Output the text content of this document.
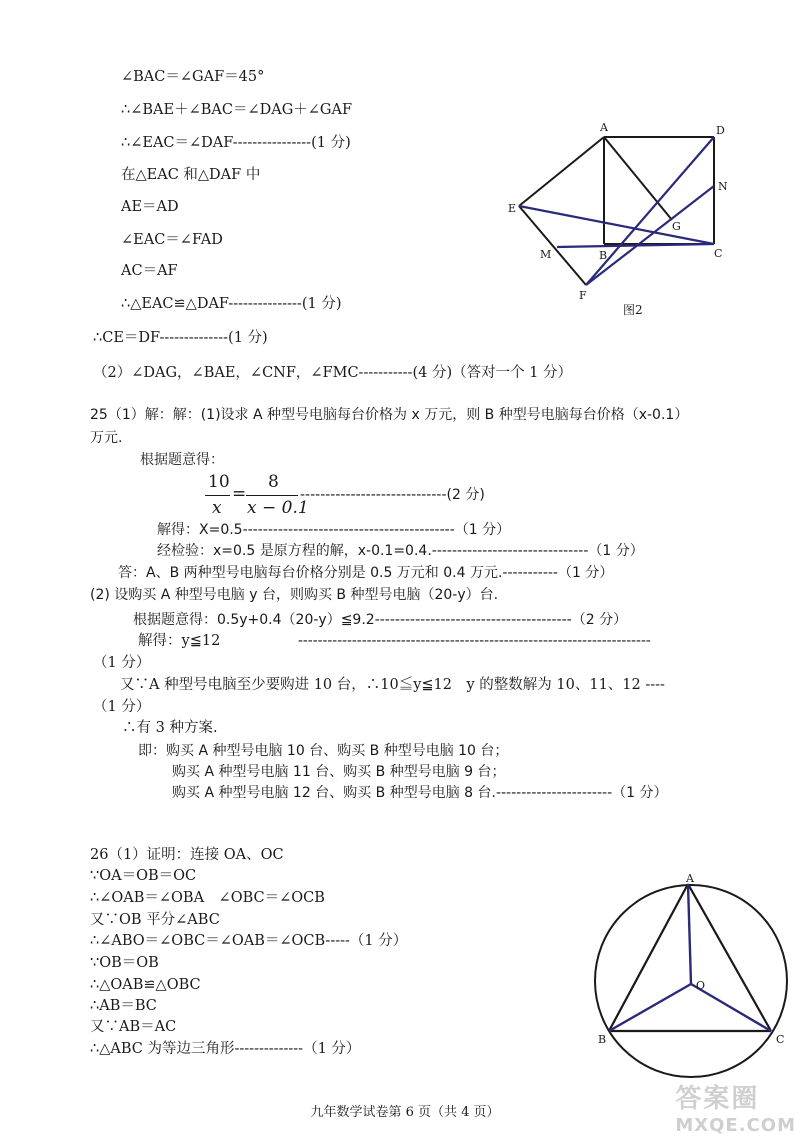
∠BAC＝∠GAF＝45°
∴∠BAE＋∠BAC＝∠DAG＋∠GAF
∴∠EAC＝∠DAF----------------(1 分)
在△EAC 和△DAF 中
AE＝AD
∠EAC＝∠FAD
AC＝AF
∴△EAC≌△DAF---------------(1 分)
∴CE＝DF--------------(1 分)
（2）∠DAG，∠BAE，∠CNF，∠FMC-----------(4 分)（答对一个 1 分）
A	D
N
E
G
M	B	C
F
图2
25（1）解：解：(1)设求 A 种型号电脑每台价格为 x 万元，则 B 种型号电脑每台价格（x-0.1）
万元.
根据题意得：
10
x
=
8
x − 0.1
-----------------------------(2 分)
解得：X=0.5------------------------------------------（1 分）
经检验：x=0.5 是原方程的解，x-0.1=0.4.-------------------------------（1 分）
答：A、B 两种型号电脑每台价格分别是 0.5 万元和 0.4 万元.-----------（1 分）
(2) 设购买 A 种型号电脑 y 台，则购买 B 种型号电脑（20-y）台.
根据题意得：0.5y+0.4（20-y）≦9.2---------------------------------------（2 分）
解得：y≦12	------------------------------------------------------------------------
（1 分）
又∵A 种型号电脑至少要购进 10 台，∴10≦y≦12　y 的整数解为 10、11、12 ----
（1 分）
∴有 3 种方案.
即：购买 A 种型号电脑 10 台、购买 B 种型号电脑 10 台；
购买 A 种型号电脑 11 台、购买 B 种型号电脑 9 台；
购买 A 种型号电脑 12 台、购买 B 种型号电脑 8 台.-----------------------（1 分）
26（1）证明：连接 OA、OC
∵OA＝OB＝OC
∴∠OAB＝∠OBA　∠OBC＝∠OCB
又∵OB 平分∠ABC
∴∠ABO＝∠OBC＝∠OAB＝∠OCB-----（1 分）
∵OB＝OB
∴△OAB≌△OBC
∴AB＝BC
又∵AB＝AC
∴△ABC 为等边三角形--------------（1 分）
A
O
B	C
九年数学试卷第 6 页（共 4 页）	答案圈
MXQE.COM
